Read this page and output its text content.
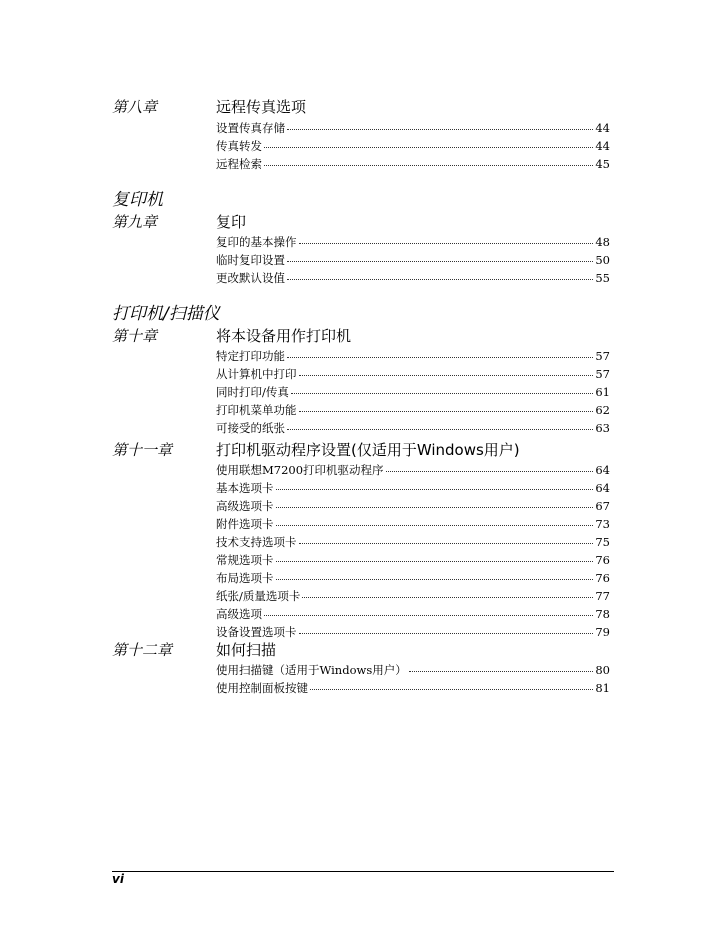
第八章	远程传真选项
设置传真存储	44
传真转发	44
远程检索	45
复印机
第九章	复印
复印的基本操作	48
临时复印设置	50
更改默认设值	55
打印机/扫描仪
第十章	将本设备用作打印机
特定打印功能	57
从计算机中打印	57
同时打印/传真	61
打印机菜单功能	62
可接受的纸张	63
第十一章	打印机驱动程序设置(仅适用于Windows用户)
使用联想M7200打印机驱动程序	64
基本选项卡	64
高级选项卡	67
附件选项卡	73
技术支持选项卡	75
常规选项卡	76
布局选项卡	76
纸张/质量选项卡	77
高级选项	78
设备设置选项卡	79
第十二章	如何扫描
使用扫描键（适用于Windows用户）	80
使用控制面板按键	81
vi
